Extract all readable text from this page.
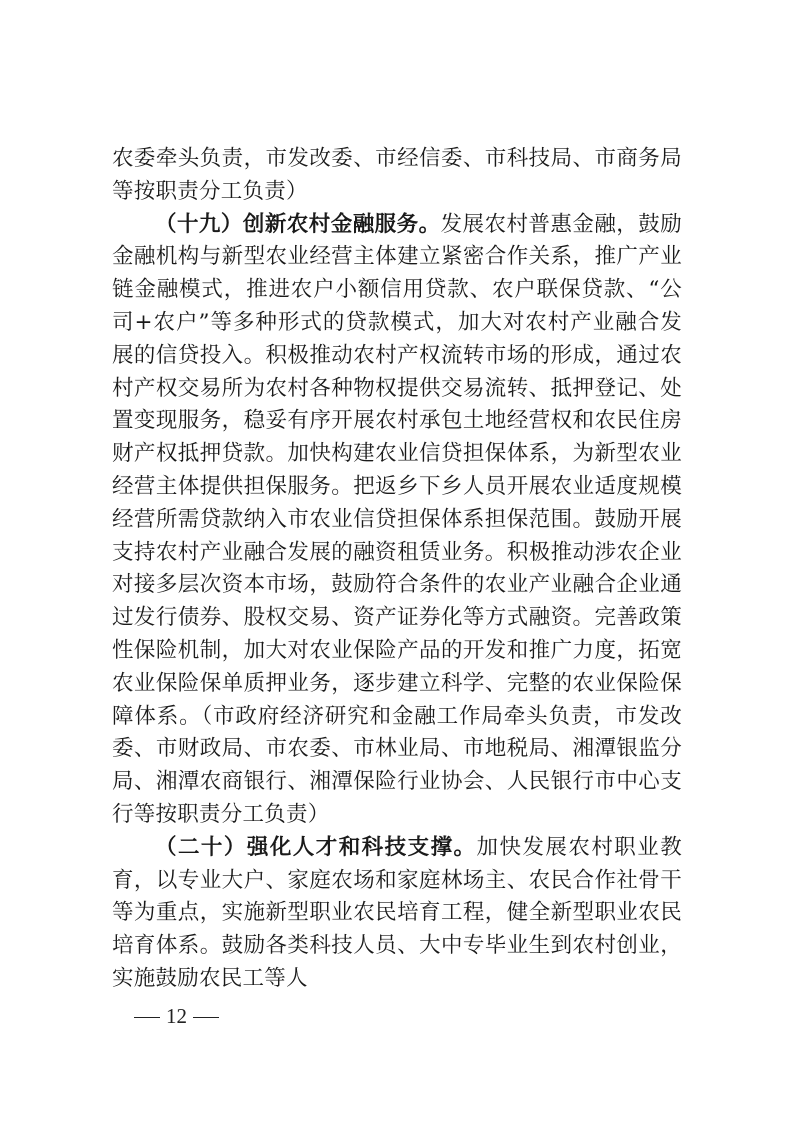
农委牵头负责，市发改委、市经信委、市科技局、市商务局等按职责分工负责）

（十九）创新农村金融服务。发展农村普惠金融，鼓励金融机构与新型农业经营主体建立紧密合作关系，推广产业链金融模式，推进农户小额信用贷款、农户联保贷款、“公司+农户”等多种形式的贷款模式，加大对农村产业融合发展的信贷投入。积极推动农村产权流转市场的形成，通过农村产权交易所为农村各种物权提供交易流转、抵押登记、处置变现服务，稳妥有序开展农村承包土地经营权和农民住房财产权抵押贷款。加快构建农业信贷担保体系，为新型农业经营主体提供担保服务。把返乡下乡人员开展农业适度规模经营所需贷款纳入市农业信贷担保体系担保范围。鼓励开展支持农村产业融合发展的融资租赁业务。积极推动涉农企业对接多层次资本市场，鼓励符合条件的农业产业融合企业通过发行债券、股权交易、资产证券化等方式融资。完善政策性保险机制，加大对农业保险产品的开发和推广力度，拓宽农业保险保单质押业务，逐步建立科学、完整的农业保险保障体系。（市政府经济研究和金融工作局牵头负责，市发改委、市财政局、市农委、市林业局、市地税局、湘潭银监分局、湘潭农商银行、湘潭保险行业协会、人民银行市中心支行等按职责分工负责）

（二十）强化人才和科技支撑。加快发展农村职业教育，以专业大户、家庭农场和家庭林场主、农民合作社骨干等为重点，实施新型职业农民培育工程，健全新型职业农民培育体系。鼓励各类科技人员、大中专毕业生到农村创业，实施鼓励农民工等人

12
